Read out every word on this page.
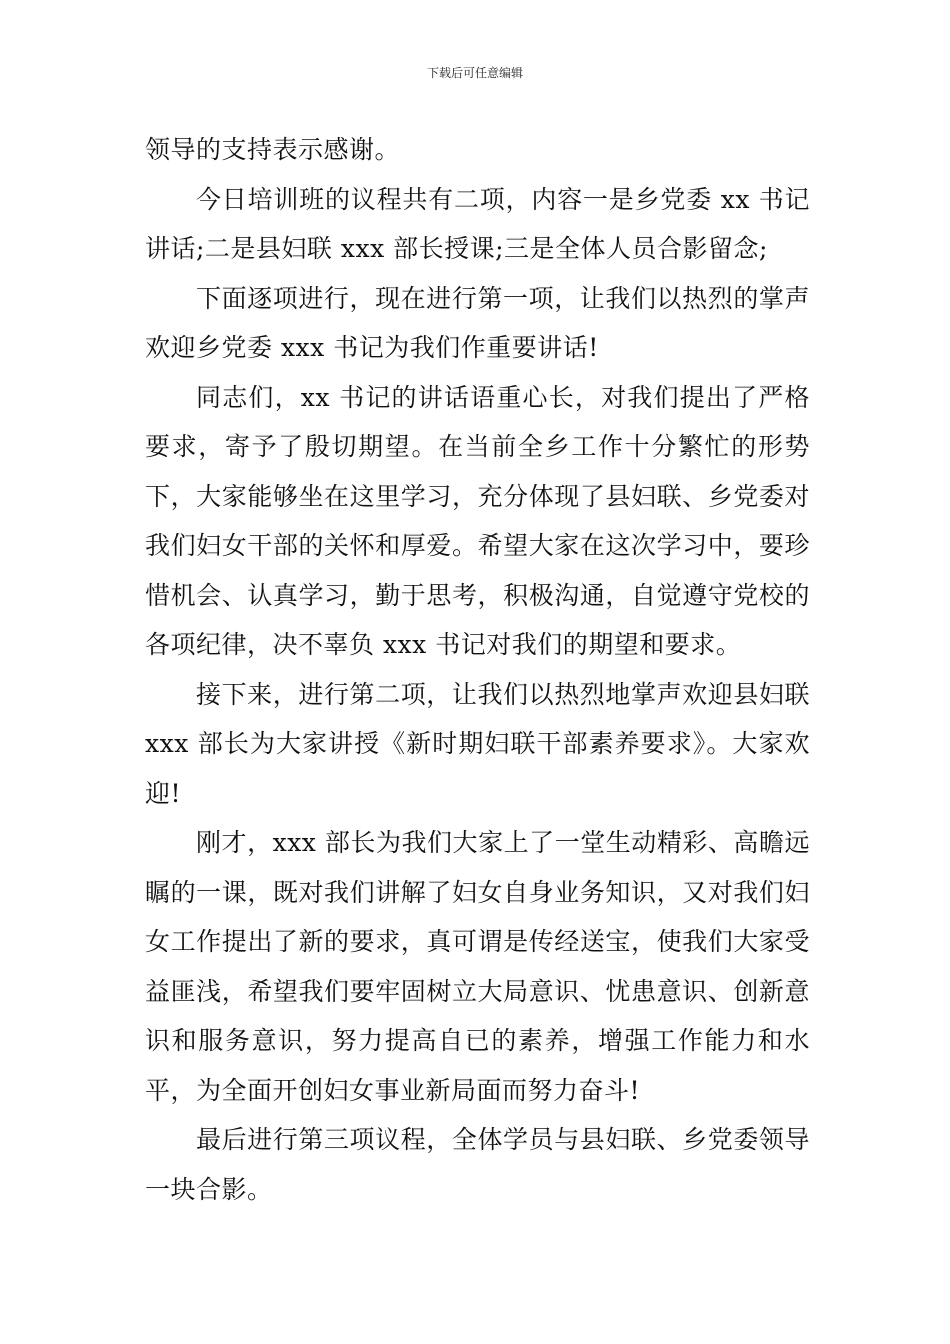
下载后可任意编辑

领导的支持表示感谢。

今日培训班的议程共有二项，内容一是乡党委 xx 书记讲话;二是县妇联 xxx 部长授课;三是全体人员合影留念;

下面逐项进行，现在进行第一项，让我们以热烈的掌声欢迎乡党委 xxx 书记为我们作重要讲话!

同志们，xx 书记的讲话语重心长，对我们提出了严格要求，寄予了殷切期望。在当前全乡工作十分繁忙的形势下，大家能够坐在这里学习，充分体现了县妇联、乡党委对我们妇女干部的关怀和厚爱。希望大家在这次学习中，要珍惜机会、认真学习，勤于思考，积极沟通，自觉遵守党校的各项纪律，决不辜负 xxx 书记对我们的期望和要求。

接下来，进行第二项，让我们以热烈地掌声欢迎县妇联 xxx 部长为大家讲授《新时期妇联干部素养要求》。大家欢迎!

刚才，xxx 部长为我们大家上了一堂生动精彩、高瞻远瞩的一课，既对我们讲解了妇女自身业务知识，又对我们妇女工作提出了新的要求，真可谓是传经送宝，使我们大家受益匪浅，希望我们要牢固树立大局意识、忧患意识、创新意识和服务意识，努力提高自已的素养，增强工作能力和水平，为全面开创妇女事业新局面而努力奋斗!

最后进行第三项议程，全体学员与县妇联、乡党委领导一块合影。
